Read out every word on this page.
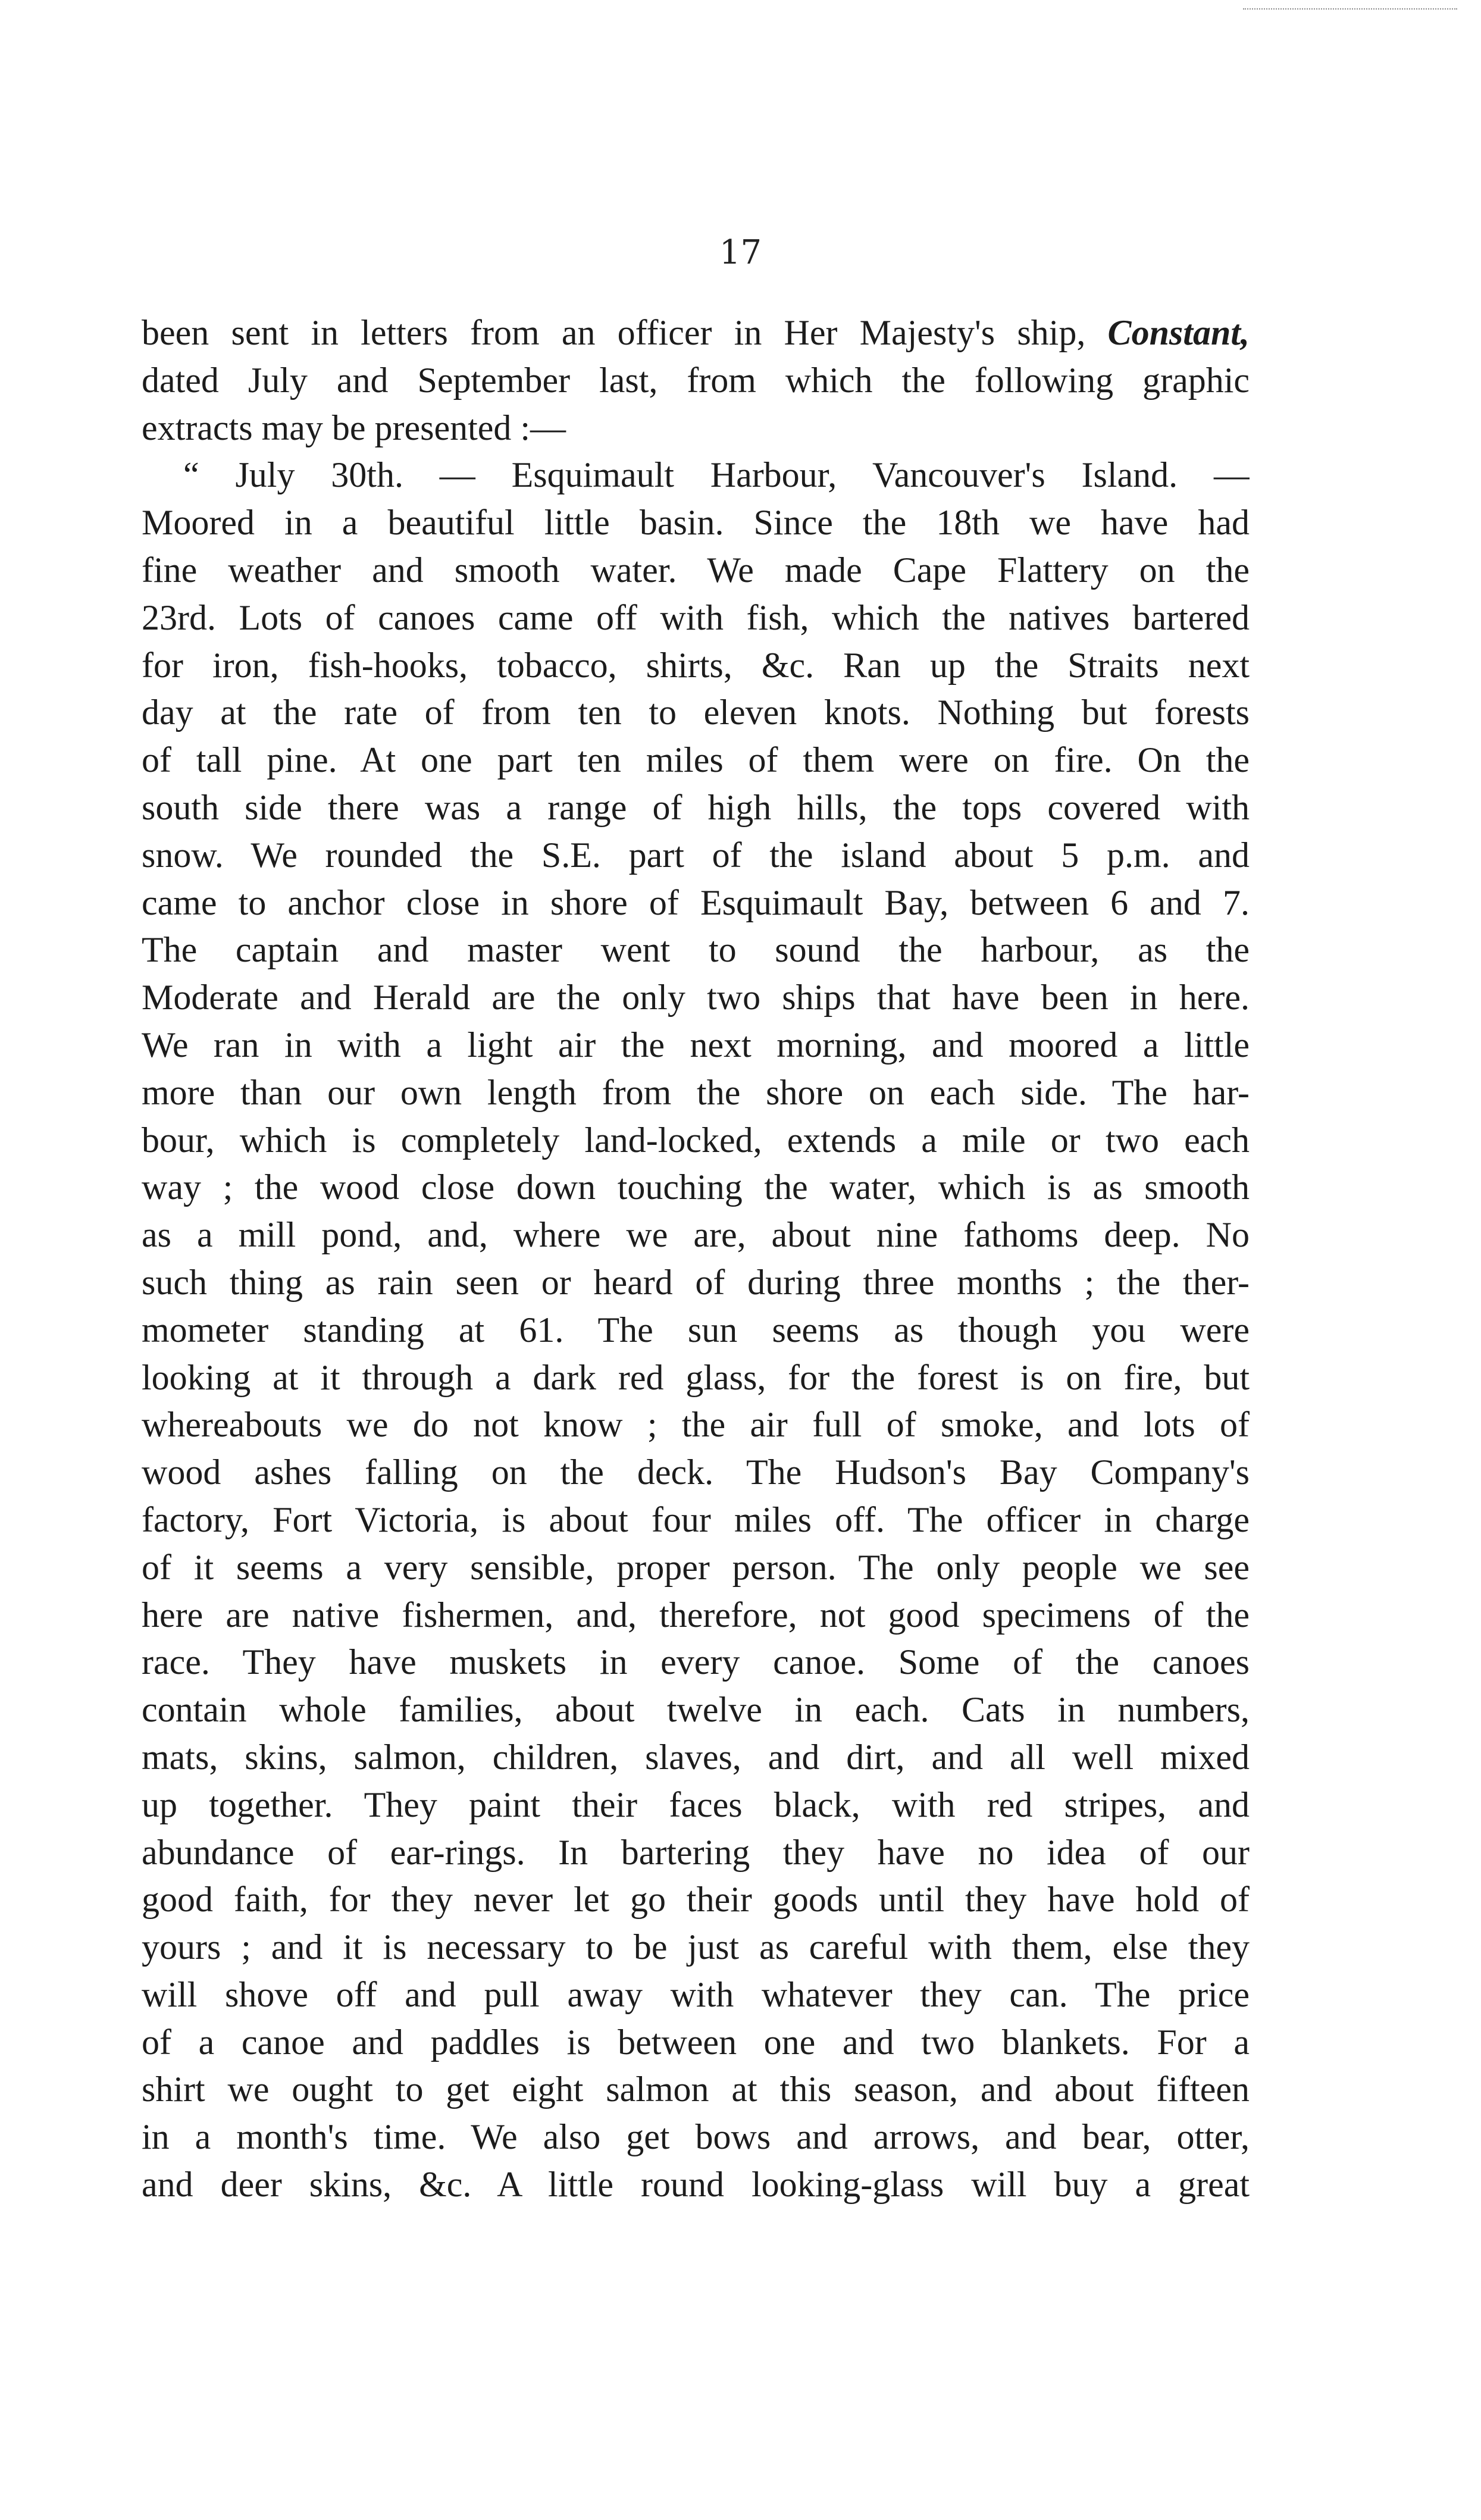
17
been sent in letters from an officer in Her Majesty's ship, Constant,
dated July and September last, from which the following graphic
extracts may be presented :—
“ July 30th. — Esquimault Harbour, Vancouver's Island. —
Moored in a beautiful little basin. Since the 18th we have had
fine weather and smooth water. We made Cape Flattery on the
23rd. Lots of canoes came off with fish, which the natives bartered
for iron, fish-hooks, tobacco, shirts, &c. Ran up the Straits next
day at the rate of from ten to eleven knots. Nothing but forests
of tall pine. At one part ten miles of them were on fire. On the
south side there was a range of high hills, the tops covered with
snow. We rounded the S.E. part of the island about 5 p.m. and
came to anchor close in shore of Esquimault Bay, between 6 and 7.
The captain and master went to sound the harbour, as the
Moderate and Herald are the only two ships that have been in here.
We ran in with a light air the next morning, and moored a little
more than our own length from the shore on each side. The har-
bour, which is completely land-locked, extends a mile or two each
way ; the wood close down touching the water, which is as smooth
as a mill pond, and, where we are, about nine fathoms deep. No
such thing as rain seen or heard of during three months ; the ther-
mometer standing at 61. The sun seems as though you were
looking at it through a dark red glass, for the forest is on fire, but
whereabouts we do not know ; the air full of smoke, and lots of
wood ashes falling on the deck. The Hudson's Bay Company's
factory, Fort Victoria, is about four miles off. The officer in charge
of it seems a very sensible, proper person. The only people we see
here are native fishermen, and, therefore, not good specimens of the
race. They have muskets in every canoe. Some of the canoes
contain whole families, about twelve in each. Cats in numbers,
mats, skins, salmon, children, slaves, and dirt, and all well mixed
up together. They paint their faces black, with red stripes, and
abundance of ear-rings. In bartering they have no idea of our
good faith, for they never let go their goods until they have hold of
yours ; and it is necessary to be just as careful with them, else they
will shove off and pull away with whatever they can. The price
of a canoe and paddles is between one and two blankets. For a
shirt we ought to get eight salmon at this season, and about fifteen
in a month's time. We also get bows and arrows, and bear, otter,
and deer skins, &c. A little round looking-glass will buy a great
